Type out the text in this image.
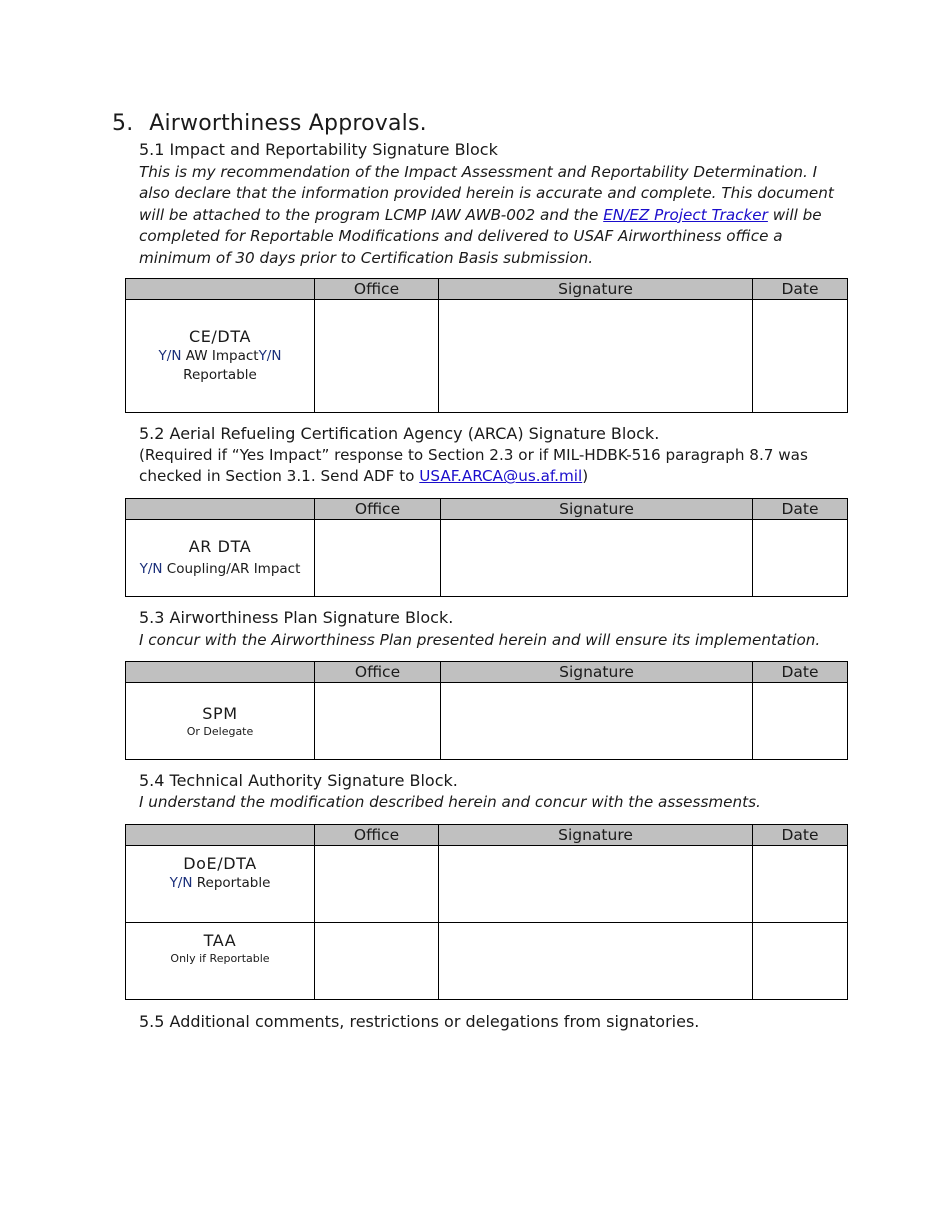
5. Airworthiness Approvals.
5.1 Impact and Reportability Signature Block
This is my recommendation of the Impact Assessment and Reportability Determination. I
also declare that the information provided herein is accurate and complete. This document
will be attached to the program LCMP IAW AWB-002 and the EN/EZ Project Tracker will be
completed for Reportable Modifications and delivered to USAF Airworthiness office a
minimum of 30 days prior to Certification Basis submission.
	Office	Signature	Date

CE/DTA
Y/N AW ImpactY/N
Reportable			

5.2 Aerial Refueling Certification Agency (ARCA) Signature Block.
(Required if “Yes Impact” response to Section 2.3 or if MIL-HDBK-516 paragraph 8.7 was
checked in Section 3.1. Send ADF to USAF.ARCA@us.af.mil)
	Office	Signature	Date

AR DTA
Y/N Coupling/AR Impact			

5.3 Airworthiness Plan Signature Block.
I concur with the Airworthiness Plan presented herein and will ensure its implementation.
	Office	Signature	Date

SPM
Or Delegate			

5.4 Technical Authority Signature Block.
I understand the modification described herein and concur with the assessments.
	Office	Signature	Date

DoE/DTA
Y/N Reportable			

TAA
Only if Reportable			

5.5 Additional comments, restrictions or delegations from signatories.
